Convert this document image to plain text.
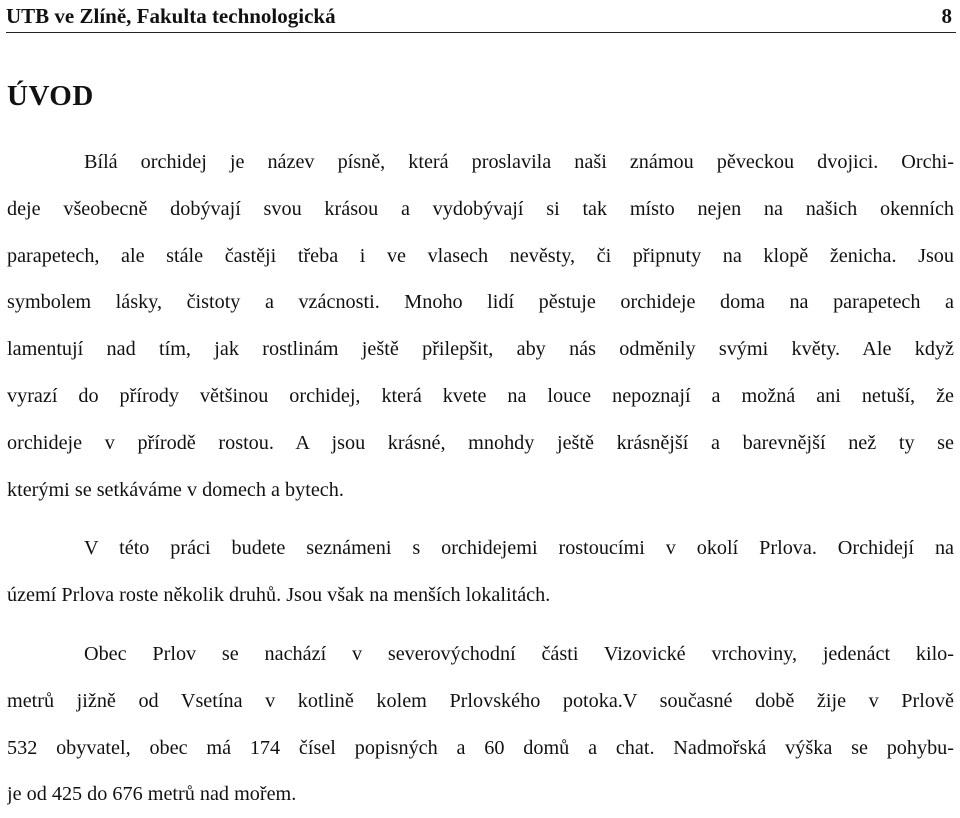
UTB ve Zlíně, Fakulta technologická	8
ÚVOD
Bílá orchidej je název písně, která proslavila naši známou pěveckou dvojici. Orchi-
deje všeobecně dobývají svou krásou a vydobývají si tak místo nejen na našich okenních
parapetech, ale stále častěji třeba i ve vlasech nevěsty, či připnuty na klopě ženicha. Jsou
symbolem lásky, čistoty a vzácnosti. Mnoho lidí pěstuje orchideje doma na parapetech a
lamentují nad tím, jak rostlinám ještě přilepšit, aby nás odměnily svými květy. Ale když
vyrazí do přírody většinou orchidej, která kvete na louce nepoznají a možná ani netuší, že
orchideje v přírodě rostou. A jsou krásné, mnohdy ještě krásnější a barevnější než ty se
kterými se setkáváme v domech a bytech.
V této práci budete seznámeni s orchidejemi rostoucími v okolí Prlova. Orchidejí na
území Prlova roste několik druhů. Jsou však na menších lokalitách.
Obec Prlov se nachází v severovýchodní části Vizovické vrchoviny, jedenáct kilo-
metrů jižně od Vsetína v kotlině kolem Prlovského potoka.V současné době žije v Prlově
532 obyvatel, obec má 174 čísel popisných a 60 domů a chat. Nadmořská výška se pohybu-
je od 425 do 676 metrů nad mořem.
